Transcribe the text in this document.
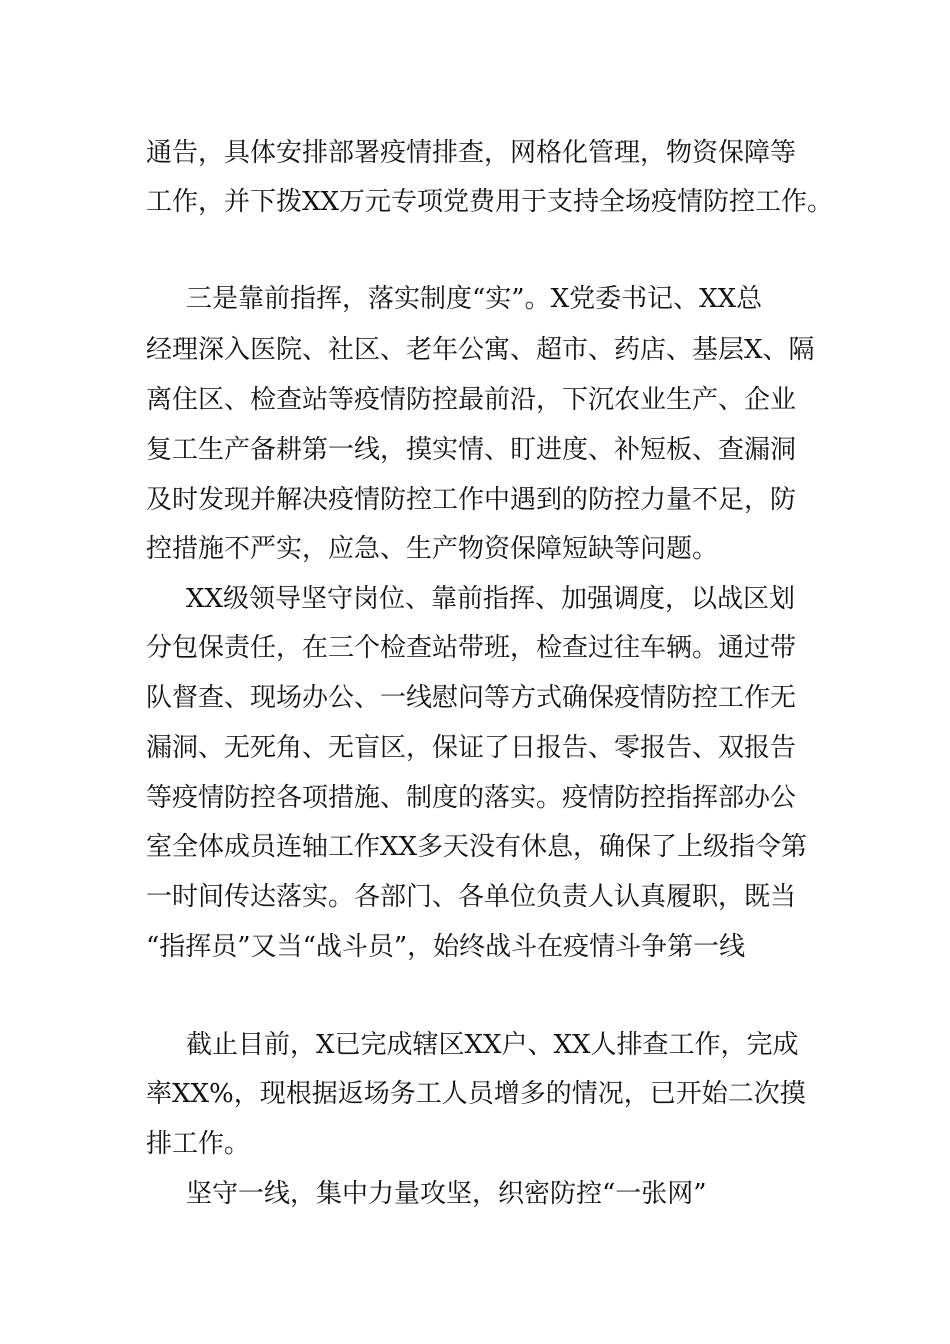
通告，具体安排部署疫情排查，网格化管理，物资保障等
工作，并下拨XX万元专项党费用于支持全场疫情防控工作。
三是靠前指挥，落实制度“实”。X党委书记、XX总
经理深入医院、社区、老年公寓、超市、药店、基层X、隔
离住区、检查站等疫情防控最前沿，下沉农业生产、企业
复工生产备耕第一线，摸实情、盯进度、补短板、查漏洞
及时发现并解决疫情防控工作中遇到的防控力量不足，防
控措施不严实，应急、生产物资保障短缺等问题。
XX级领导坚守岗位、靠前指挥、加强调度，以战区划
分包保责任，在三个检查站带班，检查过往车辆。通过带
队督查、现场办公、一线慰问等方式确保疫情防控工作无
漏洞、无死角、无盲区，保证了日报告、零报告、双报告
等疫情防控各项措施、制度的落实。疫情防控指挥部办公
室全体成员连轴工作XX多天没有休息，确保了上级指令第
一时间传达落实。各部门、各单位负责人认真履职，既当
“指挥员”又当“战斗员”，始终战斗在疫情斗争第一线
截止目前，X已完成辖区XX户、XX人排查工作，完成
率XX%，现根据返场务工人员增多的情况，已开始二次摸
排工作。
坚守一线，集中力量攻坚，织密防控“一张网”
